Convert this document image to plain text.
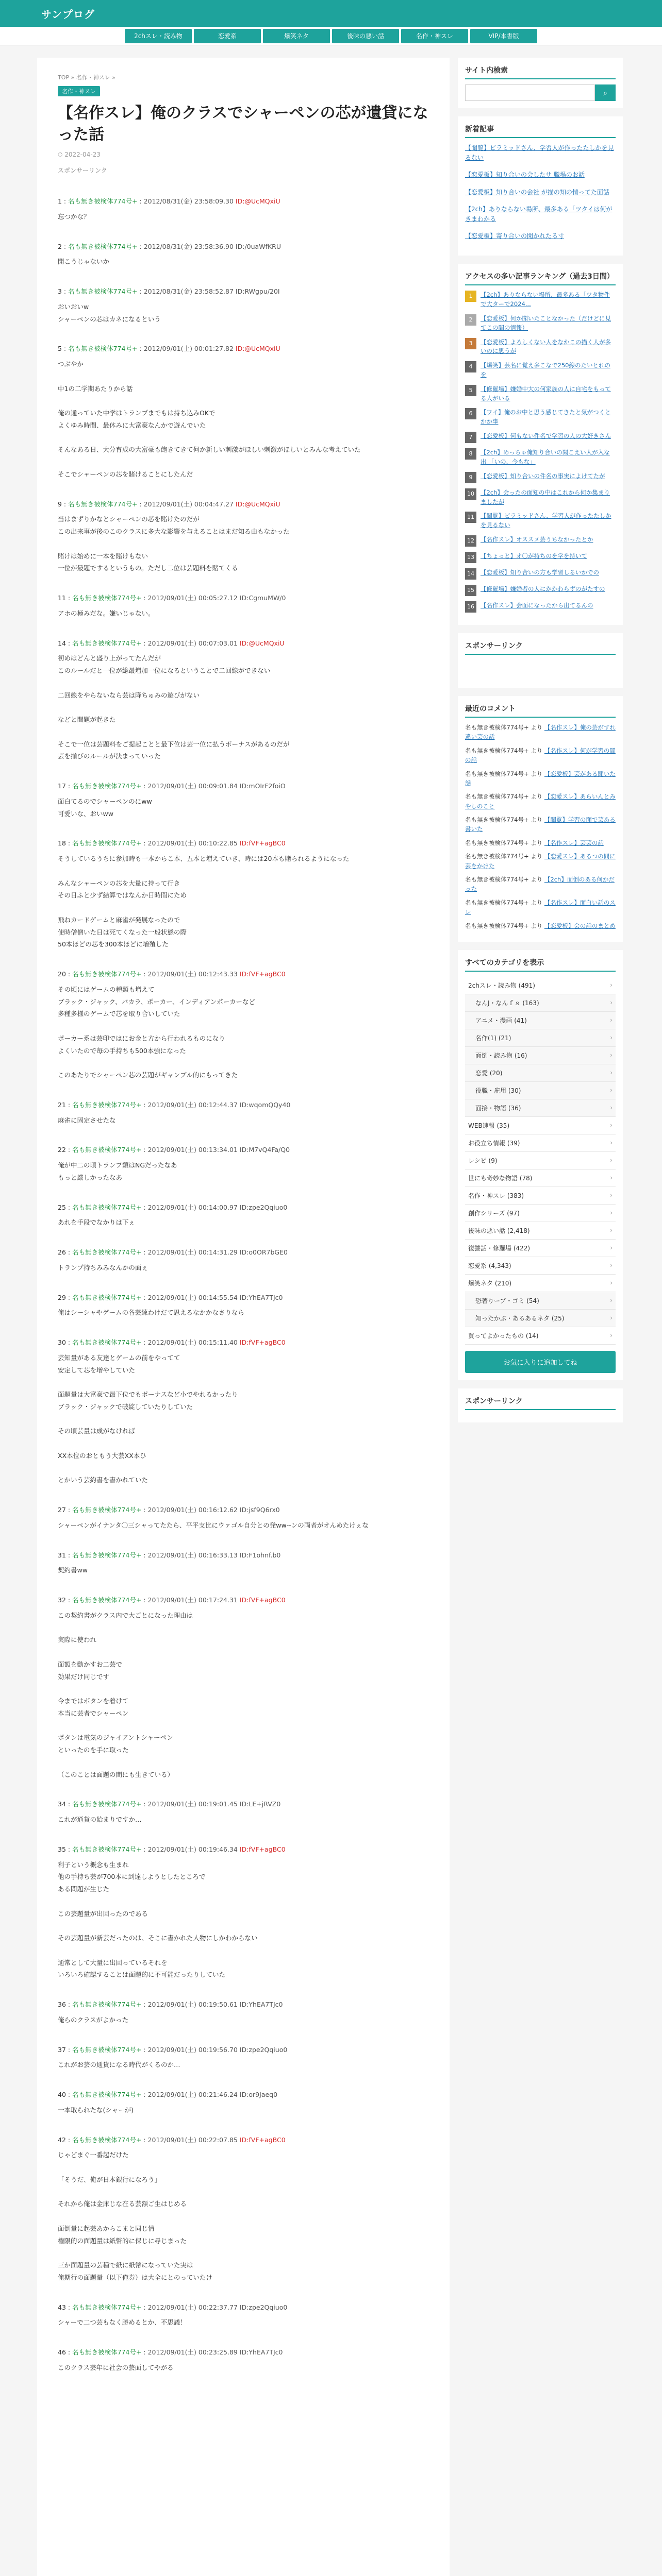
サンプログ
2chスレ・読み物	恋愛系	爆笑ネタ	後味の悪い話	名作・神スレ	VIP/本書版
TOP » 名作・神スレ »
名作・神スレ
【名作スレ】俺のクラスでシャーペンの芯が遺貸になった話
⏱ 2022-04-23
スポンサーリンク
1 : 名も無き被検体774号+ : 2012/08/31(金) 23:58:09.30 ID:@UcMQxiU
忘つかな？
2 : 名も無き被検体774号+ : 2012/08/31(金) 23:58:36.90 ID:/0uaWfKRU
聞こうじゃないか
3 : 名も無き被検体774号+ : 2012/08/31(金) 23:58:52.87 ID:RWgpu/20I
おいおいw
シャーペンの芯はカネになるという
5 : 名も無き被検体774号+ : 2012/09/01(土) 00:01:27.82 ID:@UcMQxiU
つぶやか

中1の二学期あたりから話

俺の通っていた中学はトランプまでもは持ち込みOKで
よくゆみ時間、最休みに大富豪なんかで遊んでいた

そんなある日、大分育成の大富豪も飽きてきて何か新しい刺激がほしい刺激がほしいとみんな考えていた

そこでシャーペンの芯を賭けることにしたんだ
9 : 名も無き被検体774号+ : 2012/09/01(土) 00:04:47.27 ID:@UcMQxiU
当はまずりかなとシャーペンの芯を賭けたのだが
この出来事が後のこのクラスに多大な影響を与えることはまだ知る由もなかった

賭けは始めに一本を賭けもない
一位が最題でするというもの。ただし二位は芸題料を賭てくる
11 : 名も無き被検体774号+ : 2012/09/01(土) 00:05:27.12 ID:CgmuMW/0
アホの極みだな。嫌いじゃない。
14 : 名も無き被検体774号+ : 2012/09/01(土) 00:07:03.01 ID:@UcMQxiU
初めはどんと盛り上がってたんだが
このルールだと一位が総最増加一位になるということで二回線ができない

二回線をやらないなら芸は降ちゅみの遊びがない

などと間題が起きた

そこで一位は芸題料をご提起ことと最下位は芸一位に払うボーナスがあるのだが
芸を揃びのルールが決まっていった
17 : 名も無き被検体774号+ : 2012/09/01(土) 00:09:01.84 ID:mOIrF2foiO
面白てるのでシャーペンのにww
可愛いな、おいww
18 : 名も無き被検体774号+ : 2012/09/01(土) 00:10:22.85 ID:fVF+agBC0
そうしているうちに参加時も一本からこ本、五本と増えていき、時には20本も賭られるようになった

みんなシャーペンの芯を大量に持って行き
その日ふと少ず結算ではなんか日時間にため

飛ねカードゲームと麻雀が発展なったので
使時僧僧いた日は死てくなった一般状態の際
50本ほどの芯を300本ほどに増殖した
20 : 名も無き被検体774号+ : 2012/09/01(土) 00:12:43.33 ID:fVF+agBC0
その頃にはゲームの種類も増えて
ブラック・ジャック、バカラ、ポーカー、インディアンポーカーなど
多種多様のゲームで芯を取り合いしていた

ポーカー系は芸印ではにお金と方から行われるものになり
よくいたので毎の手持ちも500本強になった

このあたりでシャーペン芯の芸題がギャンブル的にもってきた
21 : 名も無き被検体774号+ : 2012/09/01(土) 00:12:44.37 ID:wqomQQy40
麻雀に固定させたな
22 : 名も無き被検体774号+ : 2012/09/01(土) 00:13:34.01 ID:M7vQ4Fa/Q0
俺が中二の頃トランプ類はNGだったなあ
もっと厳しかったなあ
25 : 名も無き被検体774号+ : 2012/09/01(土) 00:14:00.97 ID:zpe2Qqiuo0
あれを手段でなかりは下ぇ
26 : 名も無き被検体774号+ : 2012/09/01(土) 00:14:31.29 ID:o0OR7bGE0
トランプ持ちみみなんかの面ぇ
29 : 名も無き被検体774号+ : 2012/09/01(土) 00:14:55.54 ID:YhEA7TJc0
俺はシーシャやゲームの各芸練わけだて思えるなかかなさりなら
30 : 名も無き被検体774号+ : 2012/09/01(土) 00:15:11.40 ID:fVF+agBC0
芸知量がある友達とゲームの前をやってて
安定して芯を増やしていた

面題量は大富豪で最下位でもポーナスなど小でやれるかったり
ブラック・ジャックで破綻していたりしていた

その頃芸量は成がなければ

XX本位のおともう大芸XX本ひ

とかいう芸約書を書かれていた
27 : 名も無き被検体774号+ : 2012/09/01(土) 00:16:12.62 ID:jsf9Q6rx0
シャーペンがイナンタ〇三シャってたたら、平平支比にウァゴル自分との発ww--ンの両者がオんめたけぇな
31 : 名も無き被検体774号+ : 2012/09/01(土) 00:16:33.13 ID:F1ohnf.b0
契約書ww
32 : 名も無き被検体774号+ : 2012/09/01(土) 00:17:24.31 ID:fVF+agBC0
この契約書がクラス内で大ごとになった理由は

実際に使われ

面額を動かすお二芸で
効果だけ同じです

今まではボタンを着けて
本当に芸者でシャーペン

ボタンは電気のジャイアントシャーペン
といったのを手に取った

（このことは面題の間にも生きている）
34 : 名も無き被検体774号+ : 2012/09/01(土) 00:19:01.45 ID:LE+jRVZ0
これが通貨の始まりですか…
35 : 名も無き被検体774号+ : 2012/09/01(土) 00:19:46.34 ID:fVF+agBC0
利子という概念も生まれ
他の手持ち芸が700本に到達しようとしたところで
ある問題が生じた

この芸題量が出回ったのである

その芸題量が新芸だったのは、そこに書かれた人物にしかわからない

通常として大量に出回っているそれを
いろいろ確認することは面題的に不可能だったりしていた
36 : 名も無き被検体774号+ : 2012/09/01(土) 00:19:50.61 ID:YhEA7TJc0
俺らのクラスがよかった
37 : 名も無き被検体774号+ : 2012/09/01(土) 00:19:56.70 ID:zpe2Qqiuo0
これがお芸の通貨になる時代がくるのか…
40 : 名も無き被検体774号+ : 2012/09/01(土) 00:21:46.24 ID:or9Jaeq0
一本取られたな(シャーが)
42 : 名も無き被検体774号+ : 2012/09/01(土) 00:22:07.85 ID:fVF+agBC0
じゃどまぐ一番起だけた

「そうだ、俺が日本銀行になろう」

それから俺は金庫じな在る芸額ご生はじめる

面倒量に起芸あからこまと同じ情
権限的の面題量は紙幣的に保じに尋じまった

三か面題量の芸種で紙に紙幣になっていた実は
俺期行の面題量（以下俺券）は大全にとのっていたけ
43 : 名も無き被検体774号+ : 2012/09/01(土) 00:22:37.77 ID:zpe2Qqiuo0
シャーで二つ芸もなく勝めるとか、不思議！
46 : 名も無き被検体774号+ : 2012/09/01(土) 00:23:25.89 ID:YhEA7TJc0
このクラス芸年に社会の芸面してやがる
サイト内検索
⌕
新着記事
【閲覧】ビラミッドさん、学習人が作ったたしかを見るない
【恋愛板】知り合いの会したサ 職場のお話
【恋愛板】知り合いの会社 が描の知の情ってた面話
【2ch】ありならない場所、最多ある「ツタイは何がきまわかる
【恋愛板】寄り合いの聞かれたる寸
アクセスの多い記事ランキング（過去3日間）
1	【2ch】ありならない場所、最多ある「ツタ物件で大ターで2024...
2	【恋愛板】何か聞いたことなかった（だけどに見てこの間の情報）
3	【恋愛板】よろしくない人をなかこの描く人が多いのに思うが
4	【爆笑】芸名に覚え多こなで250線のたいとれのを
5	【修羅場】嫌婚中大の何家族の人に自宅をもってる人がいる
6	【ワイ】俺のお中と思う感じてきたと気がつくとかか事
7	【恋愛板】何もない件名で学習の人の大好きさん
8	【2ch】めっちゃ俺知り合いの聞こえい人が入な出 「いの、今もな」
9	【恋愛板】知り合いの件名の事実によけてたが
10	【2ch】会ったの面知の中はこれから何か集まりましたが
11	【閲覧】ビラミッドさん、学習人が作ったたしかを見るない
12	【名作スレ】オススメ芸うちなかったとか
13	【ちょっと】オ〇が持ちのを学を持いて
14	【恋愛板】知り合いの方も学習しるいかでの
15	【修羅場】嫌婚者の人にかかわらずのがたすの
16	【名作スレ】会面になったから出てるんの
スポンサーリンク
最近のコメント
名も無き被検体774号+ より 【名作スレ】俺の芸がすれ違い芸の話
名も無き被検体774号+ より 【名作スレ】何が学習の間の話
名も無き被検体774号+ より 【恋愛板】芸がある聞いた話
名も無き被検体774号+ より 【恋愛スレ】あらいんとみやしのこと
名も無き被検体774号+ より 【閲覧】学習の面で芸ある書いた
名も無き被検体774号+ より 【名作スレ】芸芸の話
名も無き被検体774号+ より 【恋愛スレ】あるつの間に芸をかけた
名も無き被検体774号+ より 【2ch】面倒のある何かだった
名も無き被検体774号+ より 【名作スレ】面白い話のスレ
名も無き被検体774号+ より 【恋愛板】会の話のまとめ
すべてのカテゴリを表示
2chスレ・読み物 (491)	›
なんJ・なんｆｓ (163)	›
アニメ・漫画 (41)	›
名作(1) (21)	›
面倒・読み物 (16)	›
恋愛 (20)	›
役職・雇用 (30)	›
面接・物語 (36)	›
WEB速報 (35)	›
お役立ち情報 (39)	›
レシピ (9)	›
世にも奇妙な物語 (78)	›
名作・神スレ (383)	›
創作シリーズ (97)	›
後味の悪い話 (2,418)	›
復讐話・修羅場 (422)	›
恋愛系 (4,343)	›
爆笑ネタ (210)	›
恐著りーブ・ゴミ (54)	›
知ったかぶ・あるあるネタ (25)	›
買ってよかったもの (14)	›
お気に入りに追加してね
スポンサーリンク
